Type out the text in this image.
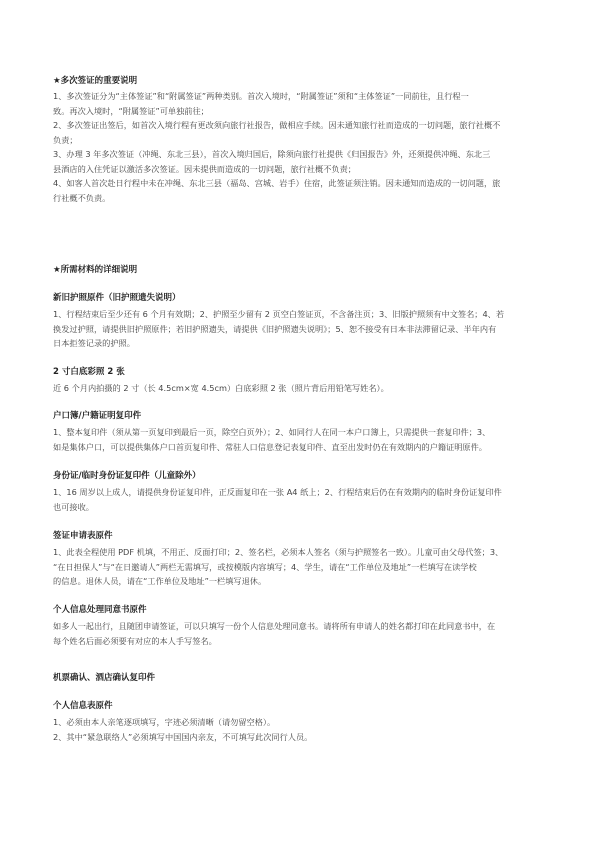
★多次签证的重要说明

1、多次签证分为“主体签证”和“附属签证”两种类别。首次入境时，“附属签证”须和“主体签证”一同前往，且行程一

致。再次入境时，“附属签证”可单独前往；

2、多次签证出签后，如首次入境行程有更改须向旅行社报告，做相应手续。因未通知旅行社而造成的一切问题，旅行社概不

负责；

3、办理 3 年多次签证（冲绳、东北三县），首次入境归国后，除须向旅行社提供《归国报告》外，还须提供冲绳、东北三

县酒店的入住凭证以激活多次签证。因未提供而造成的一切问题，旅行社概不负责；

4、如客人首次赴日行程中未在冲绳、东北三县（福岛、宫城、岩手）住宿，此签证须注销。因未通知而造成的一切问题，旅

行社概不负责。

★所需材料的详细说明
新旧护照原件（旧护照遗失说明）

1、行程结束后至少还有 6 个月有效期；2、护照至少留有 2 页空白签证页，不含备注页；3、旧版护照须有中文签名；4、若

换发过护照，请提供旧护照原件；若旧护照遗失，请提供《旧护照遗失说明》；5、恕不接受有日本非法滞留记录、半年内有

日本拒签记录的护照。

2 寸白底彩照 2 张

近 6 个月内拍摄的 2 寸（长 4.5cm×宽 4.5cm）白底彩照 2 张（照片背后用铅笔写姓名）。

户口簿/户籍证明复印件

1、整本复印件（须从第一页复印到最后一页，除空白页外）；2、如同行人在同一本户口簿上，只需提供一套复印件；3、

如是集体户口，可以提供集体户口首页复印件、常驻人口信息登记表复印件、直至出发时仍在有效期内的户籍证明原件。

身份证/临时身份证复印件（儿童除外）

1、16 周岁以上成人，请提供身份证复印件，正反面复印在一张 A4 纸上；2、行程结束后仍在有效期内的临时身份证复印件

也可接收。

签证申请表原件

1、此表全程使用 PDF 机填，不用正、反面打印；2、签名栏，必须本人签名（须与护照签名一致）。儿童可由父母代签；3、

“在日担保人”与“在日邀请人”两栏无需填写，或按模版内容填写；4、学生，请在“工作单位及地址”一栏填写在读学校

的信息。退休人员，请在“工作单位及地址”一栏填写退休。

个人信息处理同意书原件

如多人一起出行，且随团申请签证，可以只填写一份个人信息处理同意书。请将所有申请人的姓名都打印在此同意书中，在

每个姓名后面必须要有对应的本人手写签名。

机票确认、酒店确认复印件
个人信息表原件

1、必须由本人亲笔逐项填写，字迹必须清晰（请勿留空格）。

2、其中“紧急联络人”必须填写中国国内亲友，不可填写此次同行人员。
